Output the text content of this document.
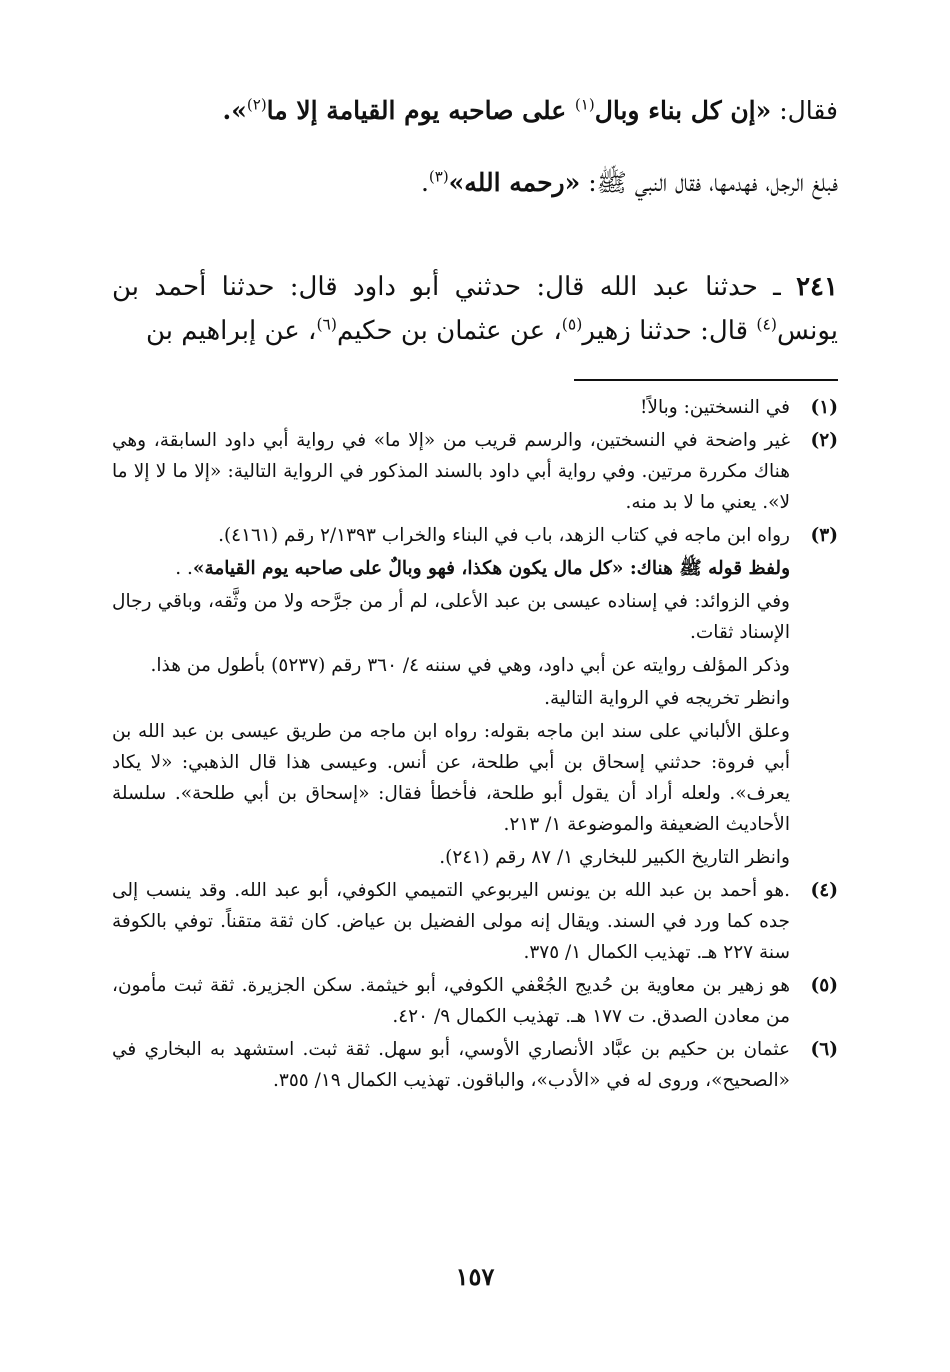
فقال: «إن كل بناء وبال$^{(١)}$ على صاحبه يوم القيامة إلا ما$^{(٢)}$».
فبلغ الرجل، فهدمها، فقال النبي ﷺ: «رحمه الله»$^{(٣)}$.
٢٤١ ـ حدثنا عبد الله قال: حدثني أبو داود قال: حدثنا أحمد بن يونس$^{(٤)}$ قال: حدثنا زهير$^{(٥)}$، عن عثمان بن حكيم$^{(٦)}$، عن إبراهيم بن
(١)
في النسختين: وبالاً!
(٢)
غير واضحة في النسختين، والرسم قريب من «إلا ما» في رواية أبي داود السابقة، وهي هناك مكررة مرتين. وفي رواية أبي داود بالسند المذكور في الرواية التالية: «إلا ما لا إلا ما لا». يعني ما لا بد منه.
(٣)
رواه ابن ماجه في كتاب الزهد، باب في البناء والخراب ٢/١٣٩٣ رقم (٤١٦١).
ولفظ قوله ﷺ هناك: «كل مال يكون هكذا، فهو وبالٌ على صاحبه يوم القيامة». .
وفي الزوائد: في إسناده عيسى بن عبد الأعلى، لم أر من جرَّحه ولا من وثَّقه، وباقي رجال الإسناد ثقات.
وذكر المؤلف روايته عن أبي داود، وهي في سننه ٤/ ٣٦٠ رقم (٥٢٣٧) بأطول من هذا.
وانظر تخريجه في الرواية التالية.
وعلق الألباني على سند ابن ماجه بقوله: رواه ابن ماجه من طريق عيسى بن عبد الله بن أبي فروة: حدثني إسحاق بن أبي طلحة، عن أنس. وعيسى هذا قال الذهبي: «لا يكاد يعرف». ولعله أراد أن يقول أبو طلحة، فأخطأ فقال: «إسحاق بن أبي طلحة». سلسلة الأحاديث الضعيفة والموضوعة ١/ ٢١٣.
وانظر التاريخ الكبير للبخاري ١/ ٨٧ رقم (٢٤١).
(٤)
.هو أحمد بن عبد الله بن يونس اليربوعي التميمي الكوفي، أبو عبد الله. وقد ينسب إلى جده كما ورد في السند. ويقال إنه مولى الفضيل بن عياض. كان ثقة متقناً. توفي بالكوفة سنة ٢٢٧ هـ. تهذيب الكمال ١/ ٣٧٥.
(٥)
هو زهير بن معاوية بن حُديج الجُعْفي الكوفي، أبو خيثمة. سكن الجزيرة. ثقة ثبت مأمون، من معادن الصدق. ت ١٧٧ هـ. تهذيب الكمال ٩/ ٤٢٠.
(٦)
عثمان بن حكيم بن عبَّاد الأنصاري الأوسي، أبو سهل. ثقة ثبت. استشهد به البخاري في «الصحيح»، وروى له في «الأدب»، والباقون. تهذيب الكمال ١٩/ ٣٥٥.
١٥٧
